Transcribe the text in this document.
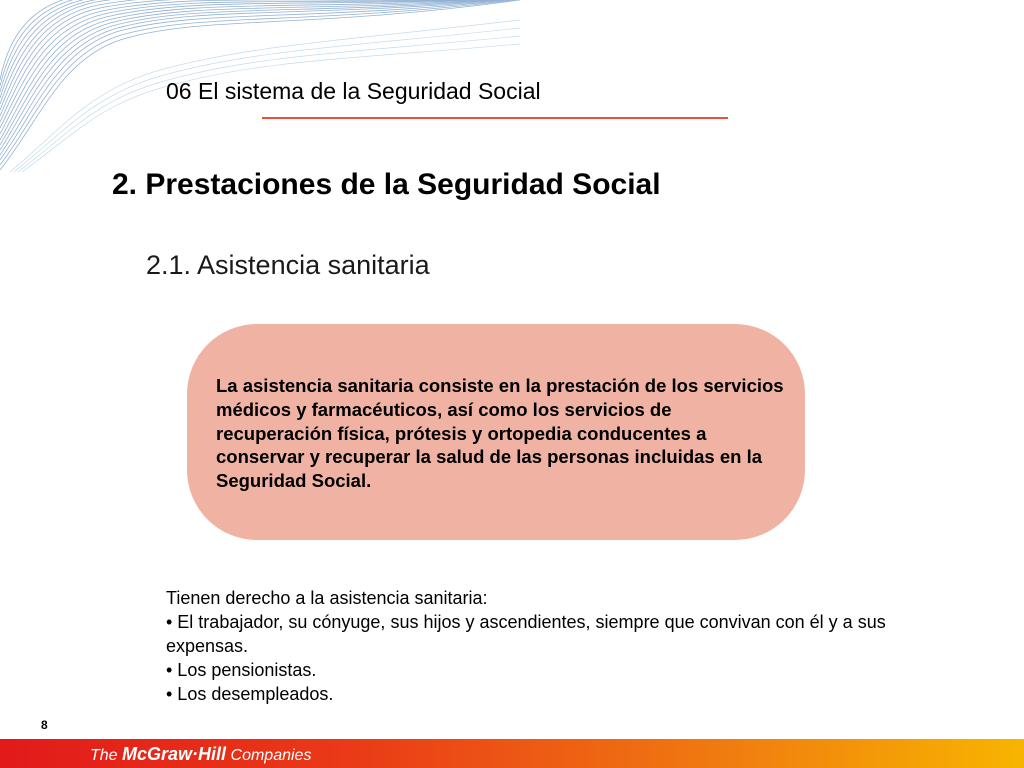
06 El sistema de la Seguridad Social
2. Prestaciones de la Seguridad Social
2.1. Asistencia sanitaria
La asistencia sanitaria consiste en la prestación de los servicios médicos y farmacéuticos, así como los servicios de recuperación física, prótesis y ortopedia conducentes a conservar y recuperar la salud de las personas incluidas en la Seguridad Social.
Tienen derecho a la asistencia sanitaria:
• El trabajador, su cónyuge, sus hijos y ascendientes, siempre que convivan con él y a sus expensas.
• Los pensionistas.
• Los desempleados.
8
The McGraw·Hill Companies
